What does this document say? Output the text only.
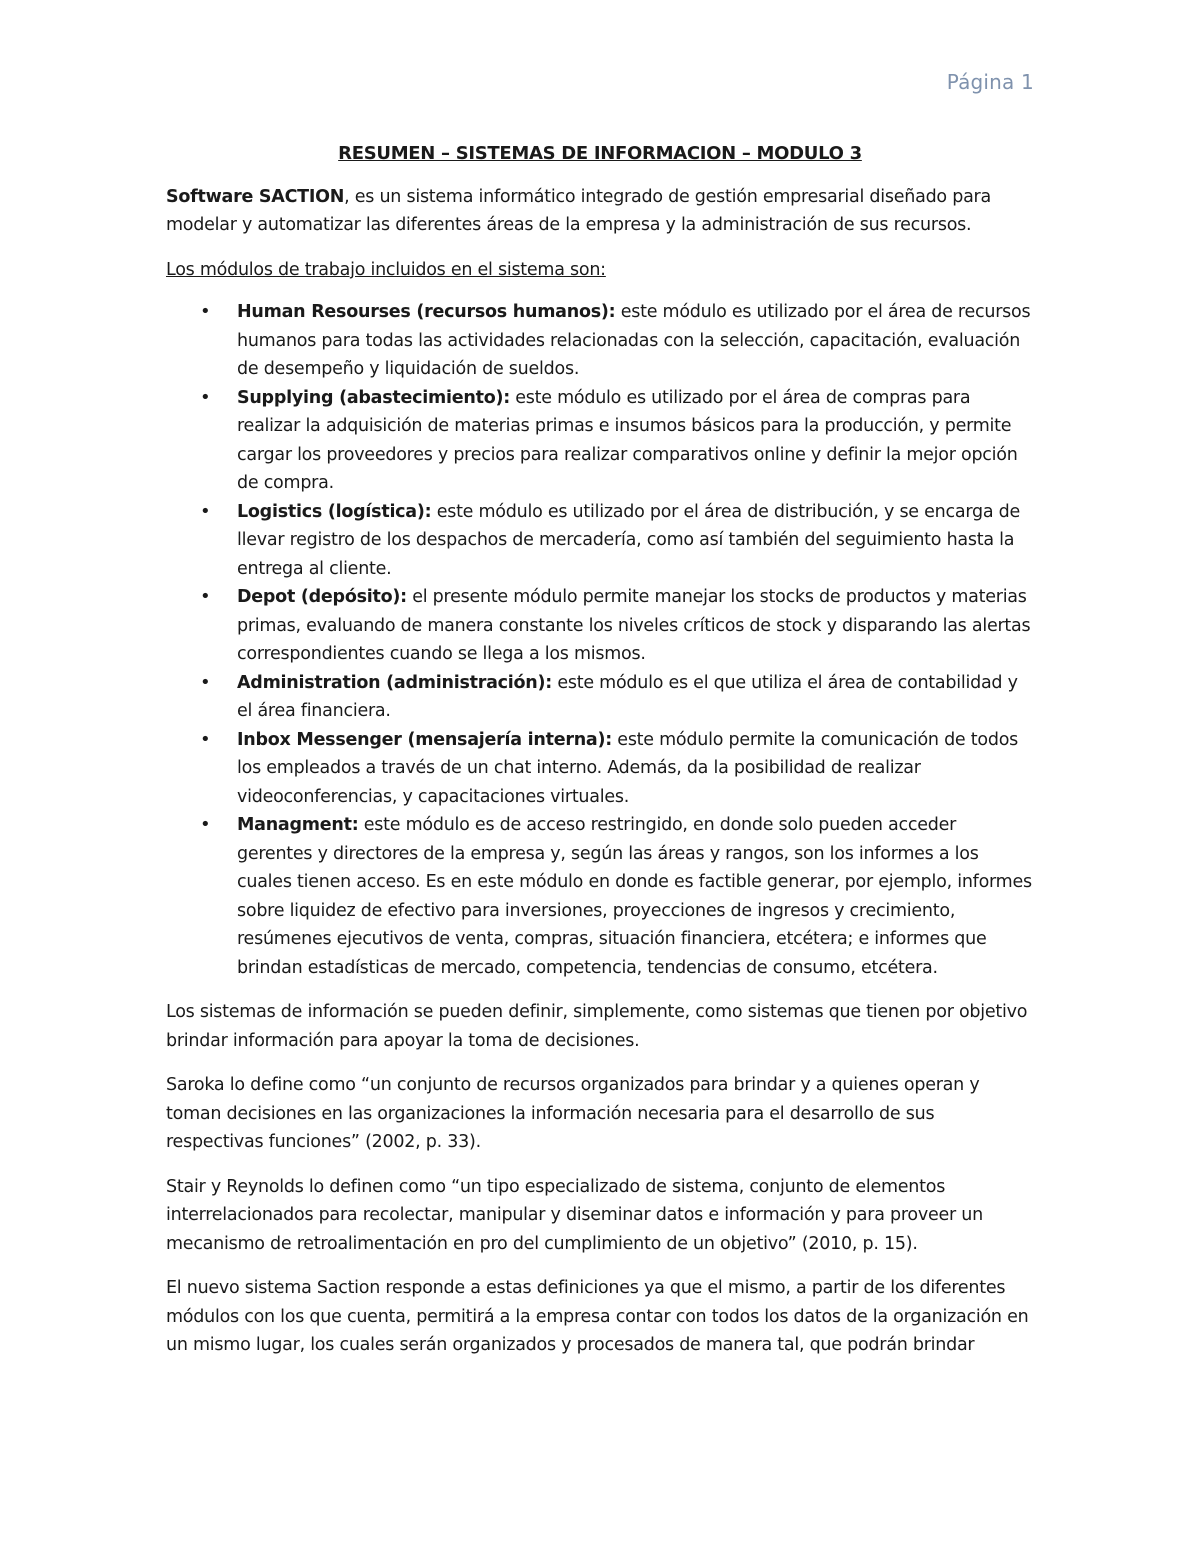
Página 1
RESUMEN – SISTEMAS DE INFORMACION – MODULO 3

Software SACTION, es un sistema informático integrado de gestión empresarial diseñado para modelar y automatizar las diferentes áreas de la empresa y la administración de sus recursos.

Los módulos de trabajo incluidos en el sistema son:

• Human Resourses (recursos humanos): este módulo es utilizado por el área de recursos humanos para todas las actividades relacionadas con la selección, capacitación, evaluación de desempeño y liquidación de sueldos.
• Supplying (abastecimiento): este módulo es utilizado por el área de compras para realizar la adquisición de materias primas e insumos básicos para la producción, y permite cargar los proveedores y precios para realizar comparativos online y definir la mejor opción de compra.
• Logistics (logística): este módulo es utilizado por el área de distribución, y se encarga de llevar registro de los despachos de mercadería, como así también del seguimiento hasta la entrega al cliente.
• Depot (depósito): el presente módulo permite manejar los stocks de productos y materias primas, evaluando de manera constante los niveles críticos de stock y disparando las alertas correspondientes cuando se llega a los mismos.
• Administration (administración): este módulo es el que utiliza el área de contabilidad y el área financiera.
• Inbox Messenger (mensajería interna): este módulo permite la comunicación de todos los empleados a través de un chat interno. Además, da la posibilidad de realizar videoconferencias, y capacitaciones virtuales.
• Managment: este módulo es de acceso restringido, en donde solo pueden acceder gerentes y directores de la empresa y, según las áreas y rangos, son los informes a los cuales tienen acceso. Es en este módulo en donde es factible generar, por ejemplo, informes sobre liquidez de efectivo para inversiones, proyecciones de ingresos y crecimiento, resúmenes ejecutivos de venta, compras, situación financiera, etcétera; e informes que brindan estadísticas de mercado, competencia, tendencias de consumo, etcétera.

Los sistemas de información se pueden definir, simplemente, como sistemas que tienen por objetivo brindar información para apoyar la toma de decisiones.

Saroka lo define como “un conjunto de recursos organizados para brindar y a quienes operan y toman decisiones en las organizaciones la información necesaria para el desarrollo de sus respectivas funciones” (2002, p. 33).

Stair y Reynolds lo definen como “un tipo especializado de sistema, conjunto de elementos interrelacionados para recolectar, manipular y diseminar datos e información y para proveer un mecanismo de retroalimentación en pro del cumplimiento de un objetivo” (2010, p. 15).

El nuevo sistema Saction responde a estas definiciones ya que el mismo, a partir de los diferentes módulos con los que cuenta, permitirá a la empresa contar con todos los datos de la organización en un mismo lugar, los cuales serán organizados y procesados de manera tal, que podrán brindar
